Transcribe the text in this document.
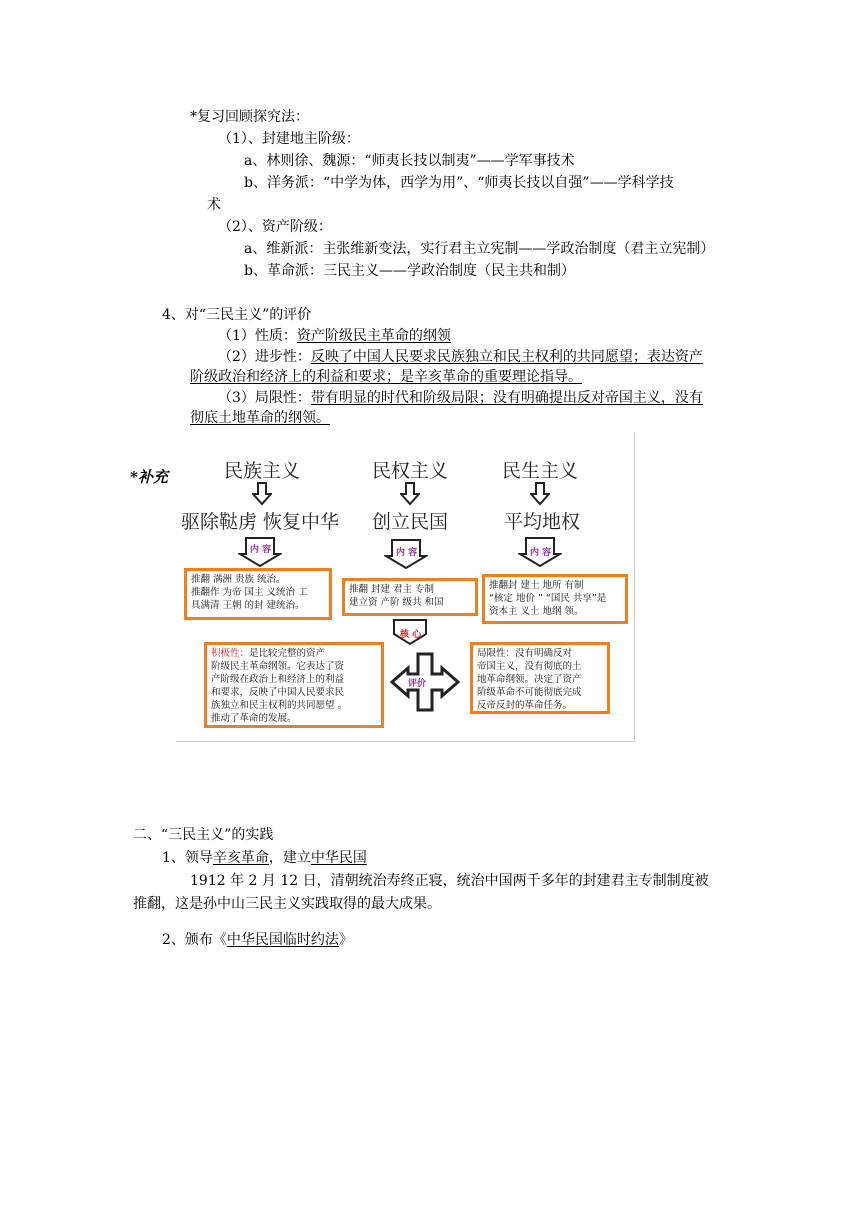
*复习回顾探究法：
（1）、封建地主阶级：
a、林则徐、魏源：“师夷长技以制夷”——学军事技术
b、洋务派：“中学为体，西学为用”、“师夷长技以自强”——学科学技
术
（2）、资产阶级：
a、维新派：主张维新变法，实行君主立宪制——学政治制度（君主立宪制）
b、革命派：三民主义——学政治制度（民主共和制）
4、对“三民主义”的评价
（1）性质：资产阶级民主革命的纲领
（2）进步性：反映了中国人民要求民族独立和民主权利的共同愿望；表达资产
阶级政治和经济上的利益和要求；是辛亥革命的重要理论指导。
（3）局限性：带有明显的时代和阶级局限；没有明确提出反对帝国主义，没有
彻底土地革命的纲领。
*补充	民族主义	民权主义	民生主义
驱除鞑虏 恢复中华 创立民国	平均地权
内 容	内 容	内 容
推翻 满洲 贵族 统治。
推翻作 为帝 国主 义统治 工
具满清 王朝 的封 建统治。
推翻 封建 君主 专制
建立资 产阶 级共 和国
推翻封 建土 地所 有制
“核定 地价 ” “国民 共享”是
资本主 义土 地纲 领。
核 心
评价
积极性：是比较完整的资产
阶级民主革命纲领。它表达了资
产阶级在政治上和经济上的利益
和要求，反映了中国人民要求民
族独立和民主权利的共同愿望 。
推动了革命的发展。
局限性：没有明确反对
帝国主义，没有彻底的土
地革命纲领。决定了资产
阶级革命不可能彻底完成
反帝反封的革命任务。
二、“三民主义”的实践
1、领导辛亥革命，建立中华民国
1912 年 2 月 12 日，清朝统治寿终正寝，统治中国两千多年的封建君主专制制度被
推翻，这是孙中山三民主义实践取得的最大成果。
2、颁布《中华民国临时约法》
